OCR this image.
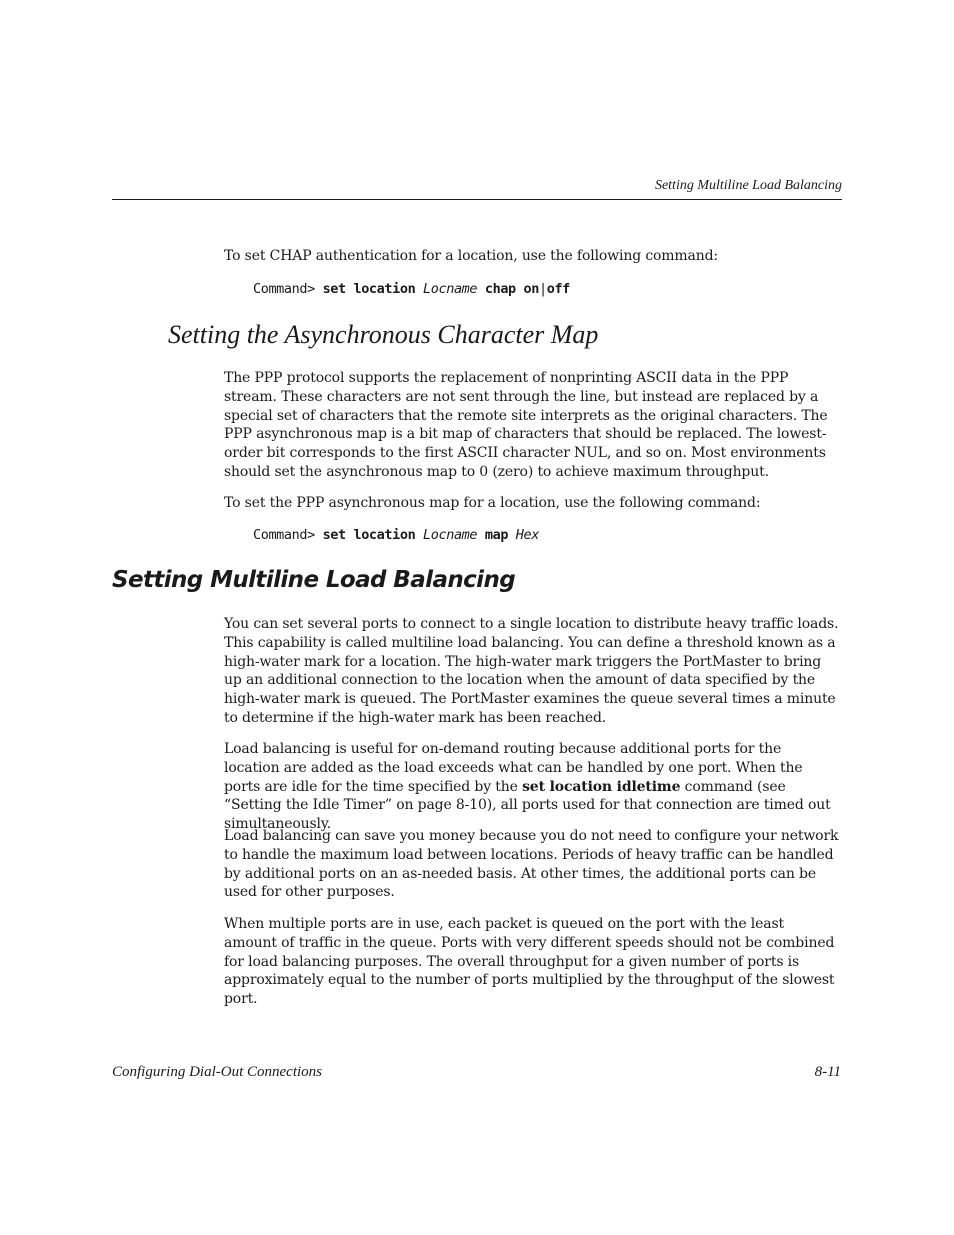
Setting Multiline Load Balancing

To set CHAP authentication for a location, use the following command:

Command> set location Locname chap on|off
Setting the Asynchronous Character Map

The PPP protocol supports the replacement of nonprinting ASCII data in the PPP stream. These characters are not sent through the line, but instead are replaced by a special set of characters that the remote site interprets as the original characters. The PPP asynchronous map is a bit map of characters that should be replaced. The lowest-order bit corresponds to the first ASCII character NUL, and so on. Most environments should set the asynchronous map to 0 (zero) to achieve maximum throughput.

To set the PPP asynchronous map for a location, use the following command:

Command> set location Locname map Hex
Setting Multiline Load Balancing

You can set several ports to connect to a single location to distribute heavy traffic loads. This capability is called multiline load balancing. You can define a threshold known as a high-water mark for a location. The high-water mark triggers the PortMaster to bring up an additional connection to the location when the amount of data specified by the high-water mark is queued. The PortMaster examines the queue several times a minute to determine if the high-water mark has been reached.

Load balancing is useful for on-demand routing because additional ports for the location are added as the load exceeds what can be handled by one port. When the ports are idle for the time specified by the set location idletime command (see “Setting the Idle Timer” on page 8-10), all ports used for that connection are timed out simultaneously.

Load balancing can save you money because you do not need to configure your network to handle the maximum load between locations. Periods of heavy traffic can be handled by additional ports on an as-needed basis. At other times, the additional ports can be used for other purposes.

When multiple ports are in use, each packet is queued on the port with the least amount of traffic in the queue. Ports with very different speeds should not be combined for load balancing purposes. The overall throughput for a given number of ports is approximately equal to the number of ports multiplied by the throughput of the slowest port.

Configuring Dial-Out Connections	8-11
